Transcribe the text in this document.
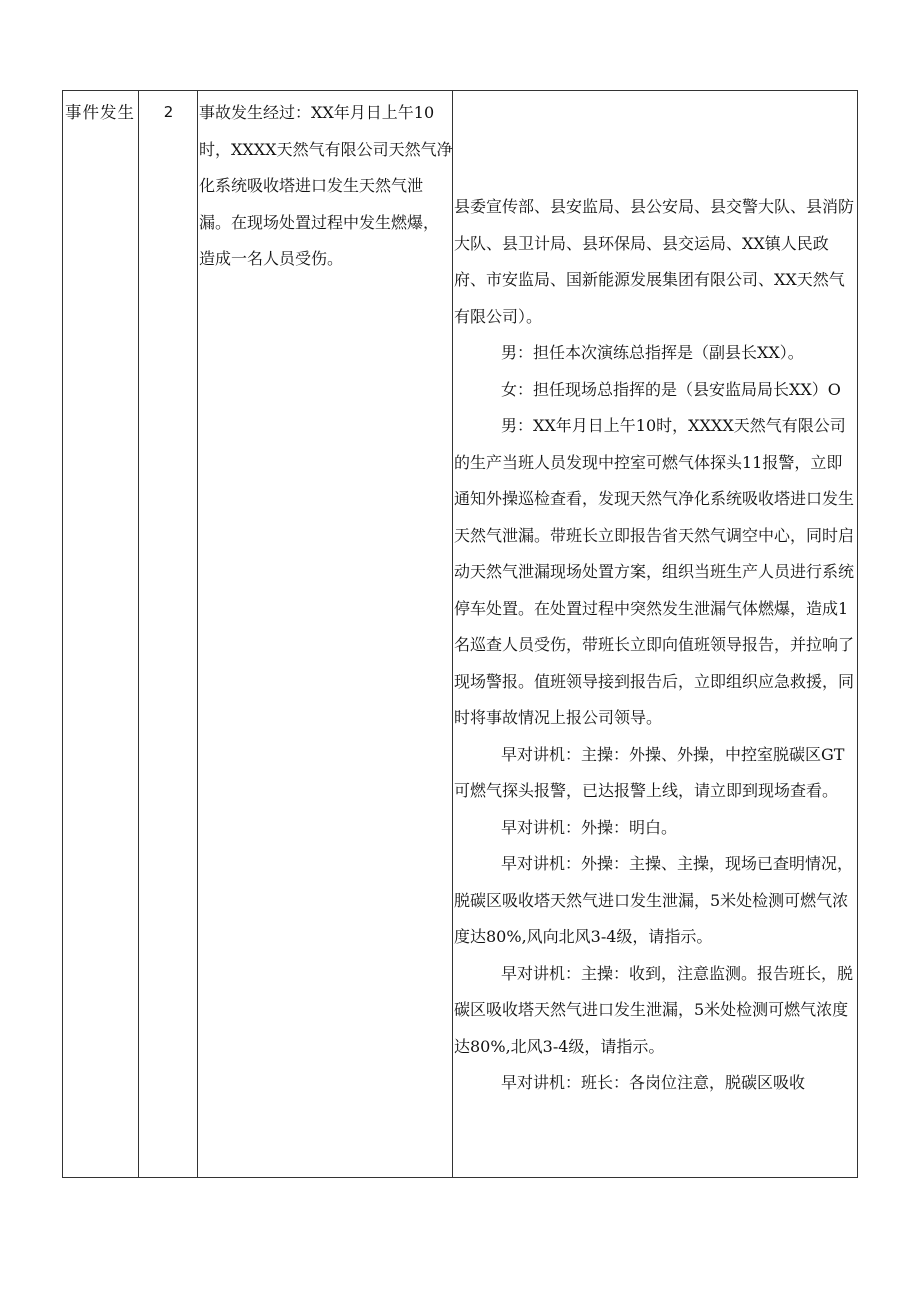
事件发生	2	事故发生经过：XX年月日上午10时，XXXX天然气有限公司天然气净化系统吸收塔进口发生天然气泄漏。在现场处置过程中发生燃爆，造成一名人员受伤。

县委宣传部、县安监局、县公安局、县交警大队、县消防大队、县卫计局、县环保局、县交运局、XX镇人民政府、市安监局、国新能源发展集团有限公司、XX天然气有限公司）。

男：担任本次演练总指挥是（副县长XX）。

女：担任现场总指挥的是（县安监局局长XX）O

男：XX年月日上午10时，XXXX天然气有限公司的生产当班人员发现中控室可燃气体探头11报警，立即通知外操巡检查看，发现天然气净化系统吸收塔进口发生天然气泄漏。带班长立即报告省天然气调空中心，同时启动天然气泄漏现场处置方案，组织当班生产人员进行系统停车处置。在处置过程中突然发生泄漏气体燃爆，造成1名巡查人员受伤，带班长立即向值班领导报告，并拉响了现场警报。值班领导接到报告后，立即组织应急救援，同时将事故情况上报公司领导。

早对讲机：主操：外操、外操，中控室脱碳区GT可燃气探头报警，已达报警上线，请立即到现场查看。

早对讲机：外操：明白。

早对讲机：外操：主操、主操，现场已查明情况，脱碳区吸收塔天然气进口发生泄漏，5米处检测可燃气浓度达80%,风向北风3-4级，请指示。

早对讲机：主操：收到，注意监测。报告班长，脱碳区吸收塔天然气进口发生泄漏，5米处检测可燃气浓度达80%,北风3-4级，请指示。

早对讲机：班长：各岗位注意，脱碳区吸收
